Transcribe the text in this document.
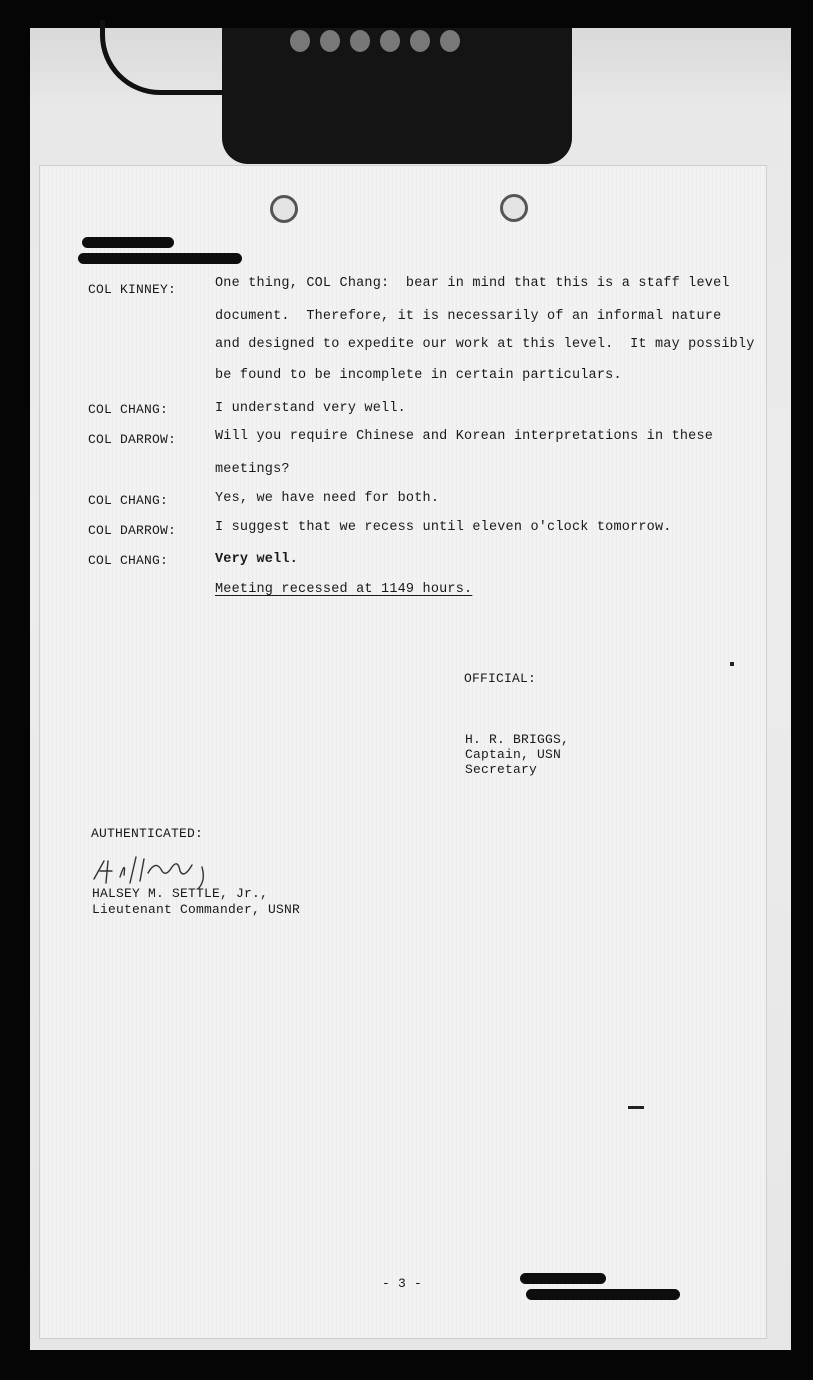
COL KINNEY:	One thing, COL Chang:  bear in mind that this is a staff level
document.  Therefore, it is necessarily of an informal nature
and designed to expedite our work at this level.  It may possibly
be found to be incomplete in certain particulars.
COL CHANG:	I understand very well.
COL DARROW:	Will you require Chinese and Korean interpretations in these
meetings?
COL CHANG:	Yes, we have need for both.
COL DARROW:	I suggest that we recess until eleven o'clock tomorrow.
COL CHANG:	Very well.
Meeting recessed at 1149 hours.
OFFICIAL:
H. R. BRIGGS,
Captain, USN
Secretary
AUTHENTICATED:
HALSEY M. SETTLE, Jr.,
Lieutenant Commander, USNR
- 3 -
